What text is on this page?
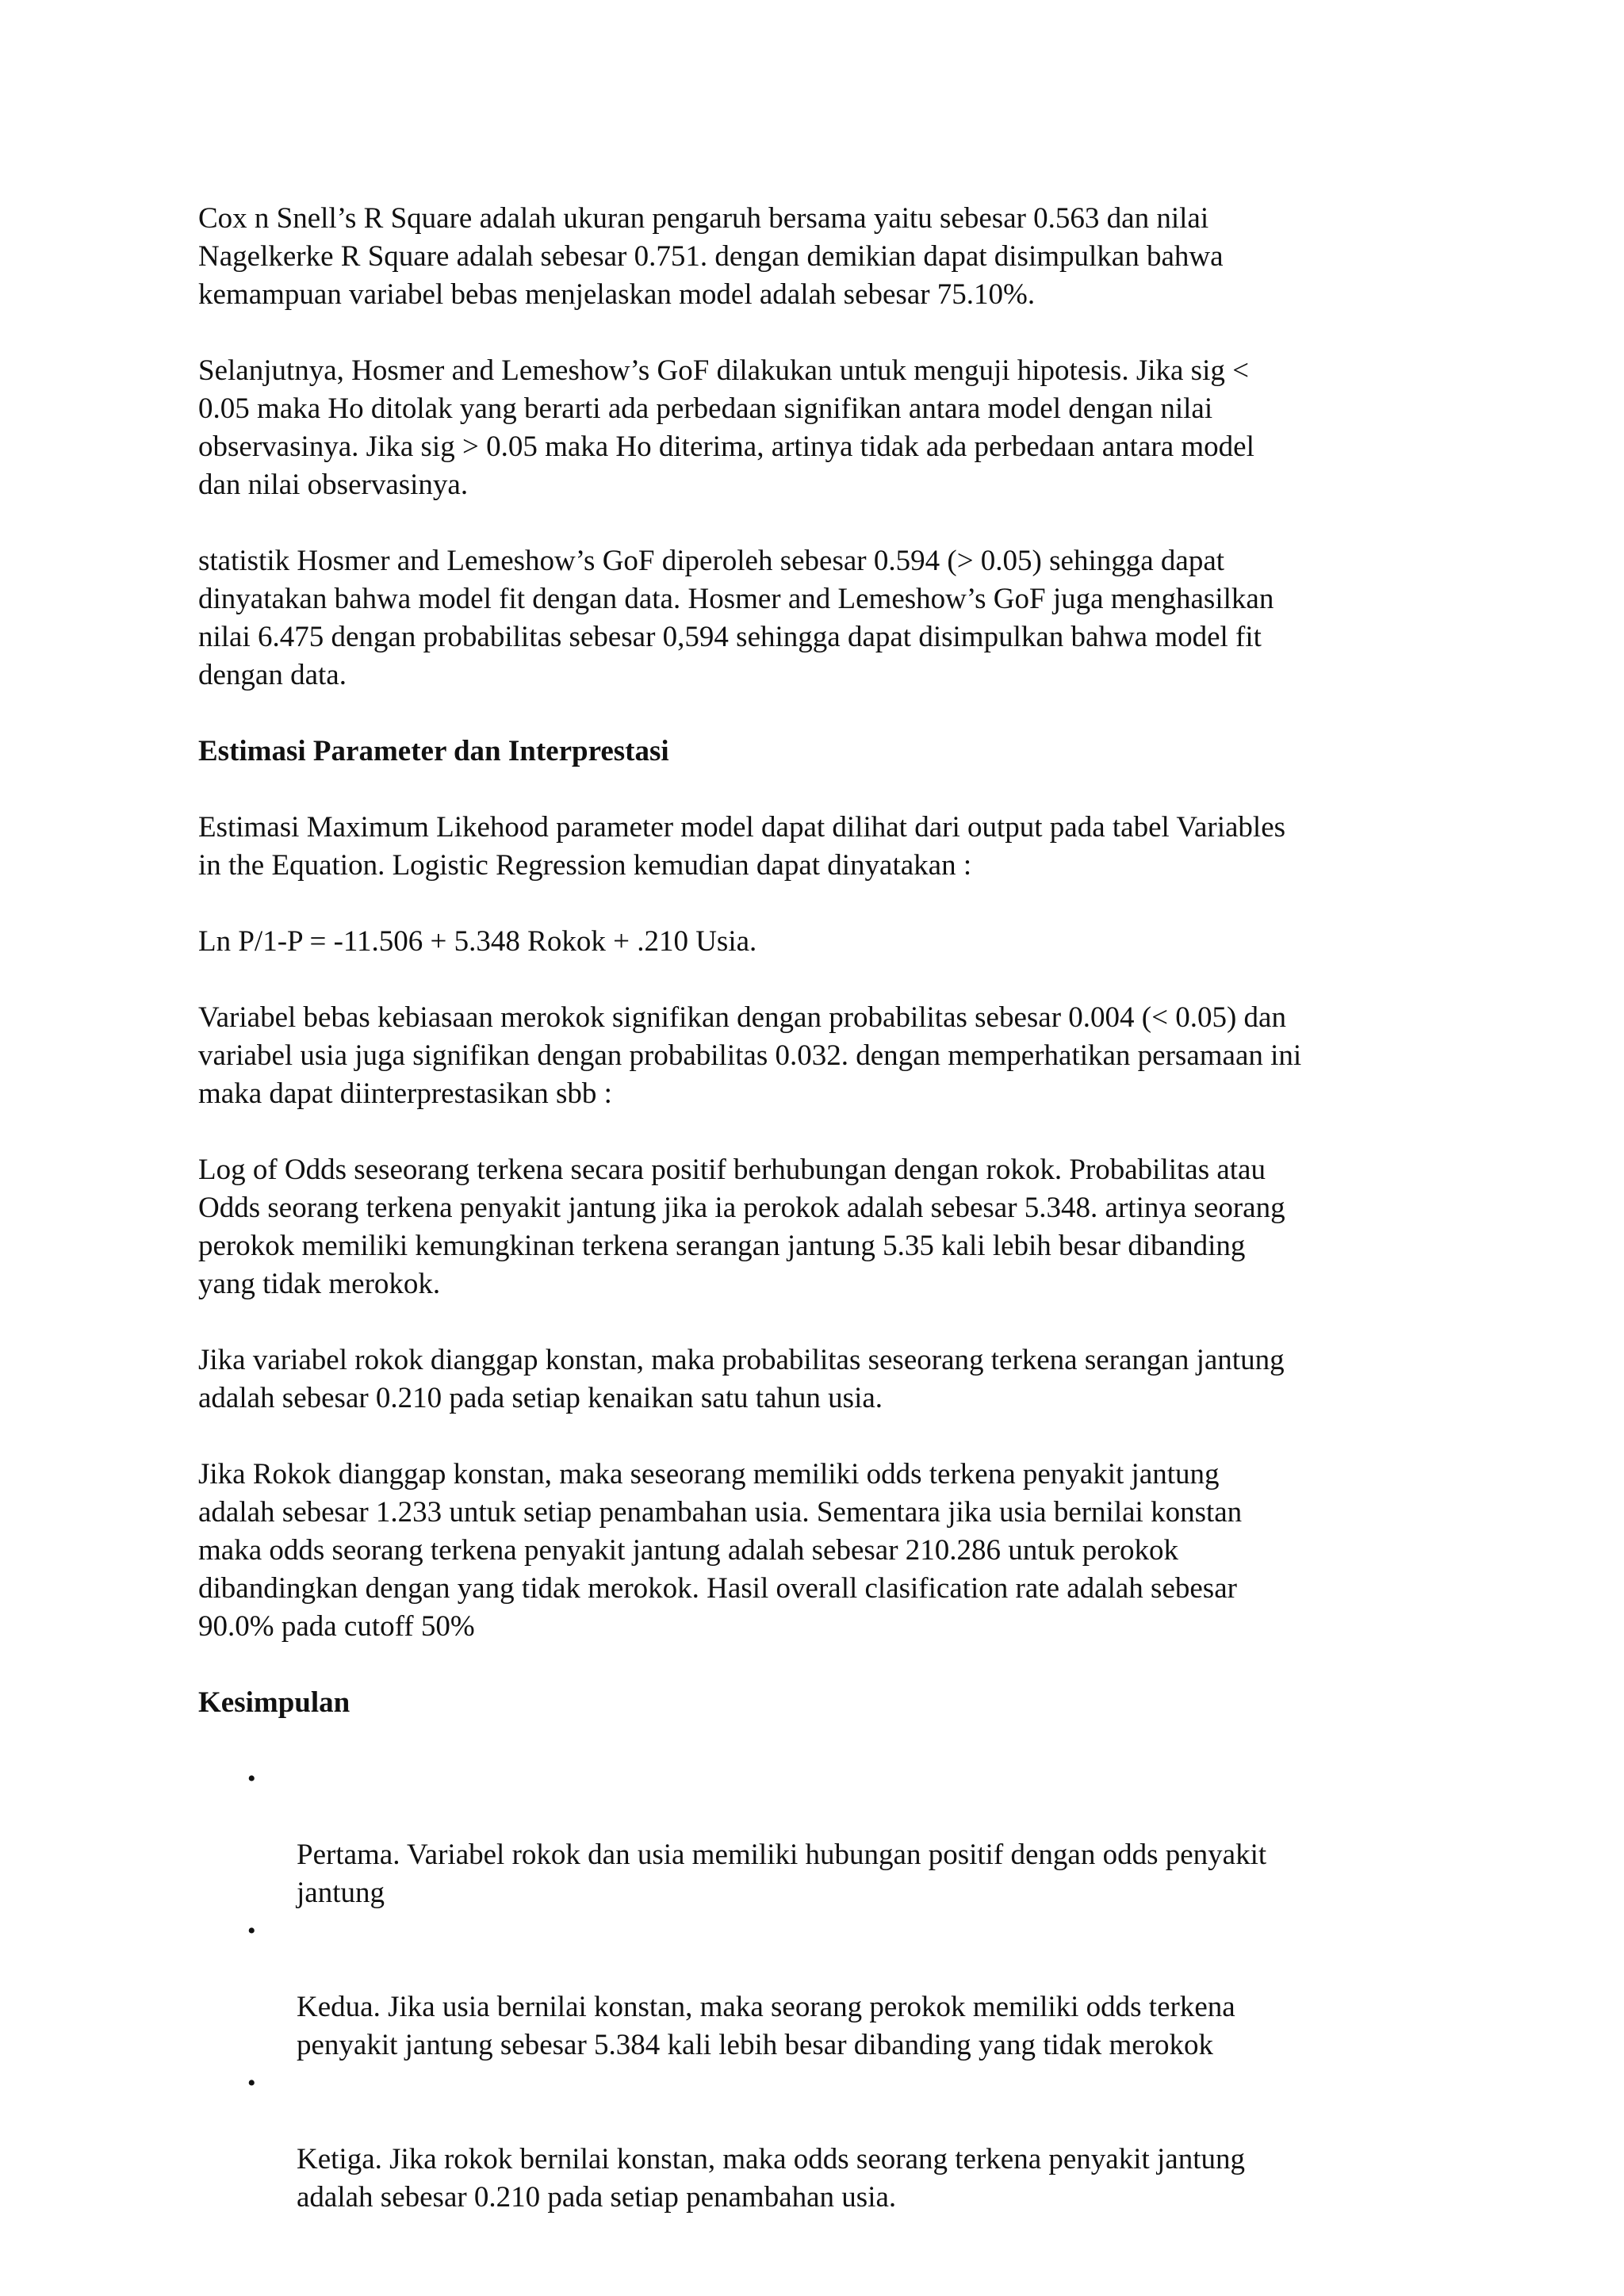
Cox n Snell’s R Square adalah ukuran pengaruh bersama yaitu sebesar 0.563 dan nilai
Nagelkerke R Square adalah sebesar 0.751. dengan demikian dapat disimpulkan bahwa
kemampuan variabel bebas menjelaskan model adalah sebesar 75.10%.

Selanjutnya, Hosmer and Lemeshow’s GoF dilakukan untuk menguji hipotesis. Jika sig <
0.05 maka Ho ditolak yang berarti ada perbedaan signifikan antara model dengan nilai
observasinya. Jika sig > 0.05 maka Ho diterima, artinya tidak ada perbedaan antara model
dan nilai observasinya.

statistik Hosmer and Lemeshow’s GoF diperoleh sebesar 0.594 (> 0.05) sehingga dapat
dinyatakan bahwa model fit dengan data. Hosmer and Lemeshow’s GoF juga menghasilkan
nilai 6.475 dengan probabilitas sebesar 0,594 sehingga dapat disimpulkan bahwa model fit
dengan data.

Estimasi Parameter dan Interprestasi

Estimasi Maximum Likehood parameter model dapat dilihat dari output pada tabel Variables
in the Equation. Logistic Regression kemudian dapat dinyatakan :

Ln P/1-P = -11.506 + 5.348 Rokok + .210 Usia.

Variabel bebas kebiasaan merokok signifikan dengan probabilitas sebesar 0.004 (< 0.05) dan
variabel usia juga signifikan dengan probabilitas 0.032. dengan memperhatikan persamaan ini
maka dapat diinterprestasikan sbb :

Log of Odds seseorang terkena secara positif berhubungan dengan rokok. Probabilitas atau
Odds seorang terkena penyakit jantung jika ia perokok adalah sebesar 5.348. artinya seorang
perokok memiliki kemungkinan terkena serangan jantung 5.35 kali lebih besar dibanding
yang tidak merokok.

Jika variabel rokok dianggap konstan, maka probabilitas seseorang terkena serangan jantung
adalah sebesar 0.210 pada setiap kenaikan satu tahun usia.

Jika Rokok dianggap konstan, maka seseorang memiliki odds terkena penyakit jantung
adalah sebesar 1.233 untuk setiap penambahan usia. Sementara jika usia bernilai konstan
maka odds seorang terkena penyakit jantung adalah sebesar 210.286 untuk perokok
dibandingkan dengan yang tidak merokok. Hasil overall clasification rate adalah sebesar
90.0% pada cutoff 50%

Kesimpulan

•

Pertama. Variabel rokok dan usia memiliki hubungan positif dengan odds penyakit
jantung

•

Kedua. Jika usia bernilai konstan, maka seorang perokok memiliki odds terkena
penyakit jantung sebesar 5.384 kali lebih besar dibanding yang tidak merokok

•

Ketiga. Jika rokok bernilai konstan, maka odds seorang terkena penyakit jantung
adalah sebesar 0.210 pada setiap penambahan usia.
